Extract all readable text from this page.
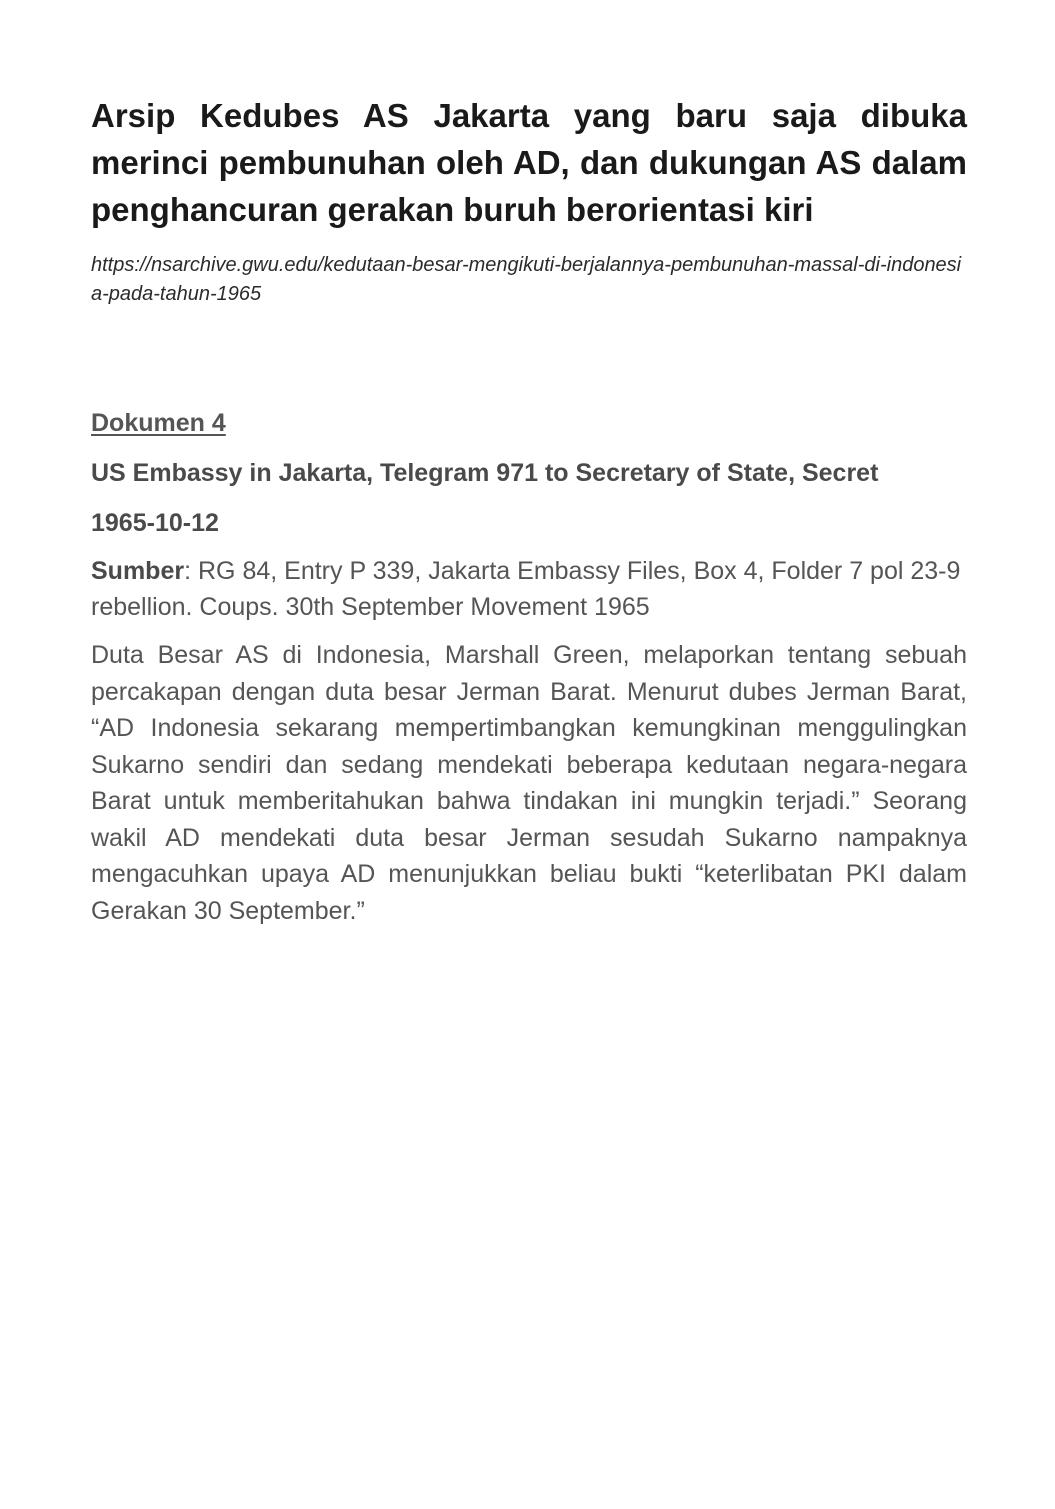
Arsip Kedubes AS Jakarta yang baru saja dibuka merinci pembunuhan oleh AD, dan dukungan AS dalam penghancuran gerakan buruh berorientasi kiri
https://nsarchive.gwu.edu/kedutaan-besar-mengikuti-berjalannya-pembunuhan-massal-di-indonesia-pada-tahun-1965
Dokumen 4
US Embassy in Jakarta, Telegram 971 to Secretary of State, Secret
1965-10-12
Sumber: RG 84, Entry P 339, Jakarta Embassy Files, Box 4, Folder 7 pol 23-9 rebellion. Coups. 30th September Movement 1965

Duta Besar AS di Indonesia, Marshall Green, melaporkan tentang sebuah percakapan dengan duta besar Jerman Barat. Menurut dubes Jerman Barat, “AD Indonesia sekarang mempertimbangkan kemungkinan menggulingkan Sukarno sendiri dan sedang mendekati beberapa kedutaan negara-negara Barat untuk memberitahukan bahwa tindakan ini mungkin terjadi.” Seorang wakil AD mendekati duta besar Jerman sesudah Sukarno nampaknya mengacuhkan upaya AD menunjukkan beliau bukti “keterlibatan PKI dalam Gerakan 30 September.”
